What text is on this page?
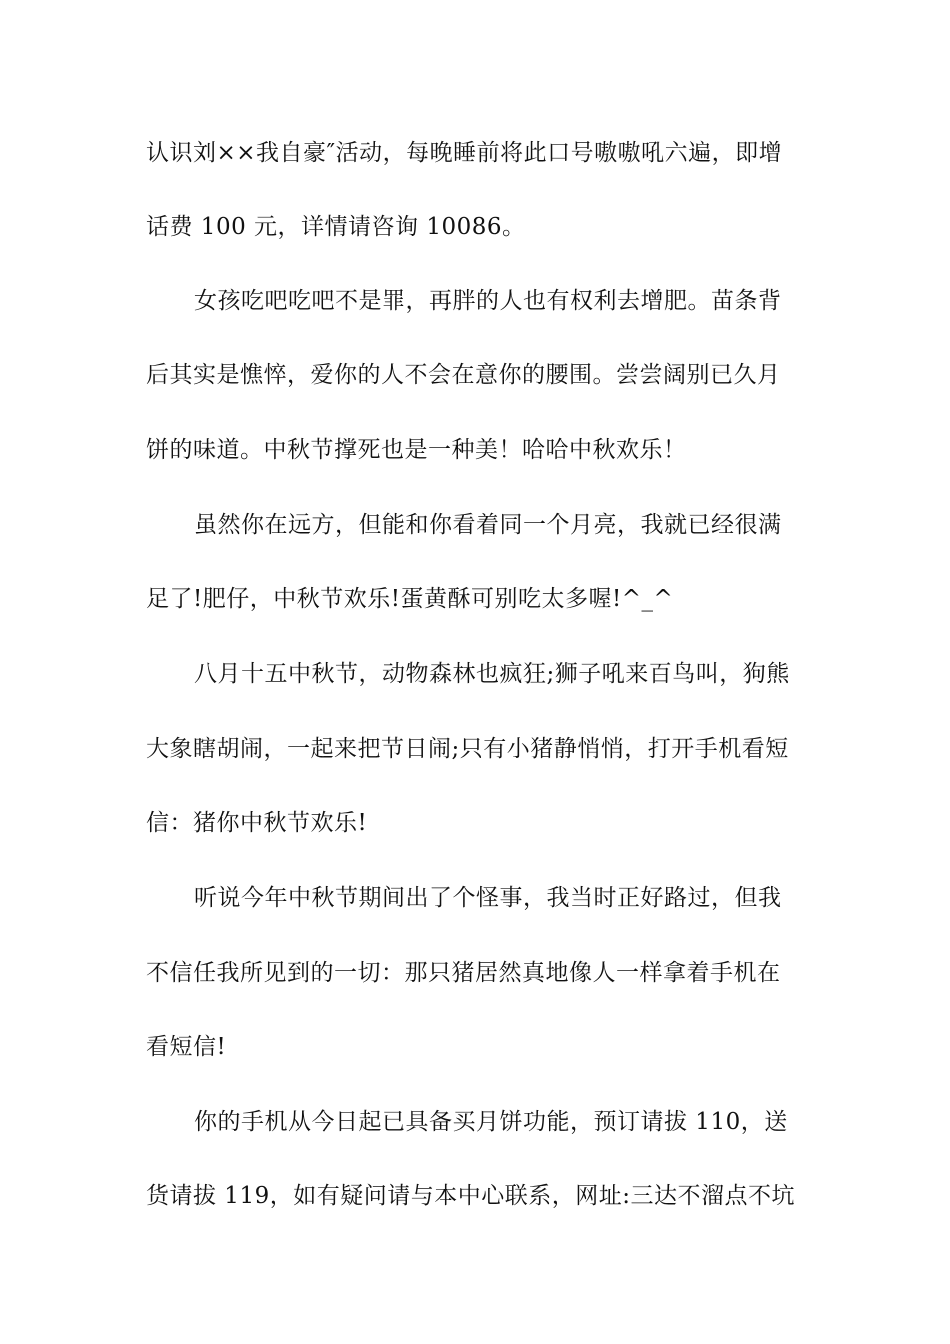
认识刘××我自豪″活动，每晚睡前将此口号嗷嗷吼六遍，即增
话费 100 元，详情请咨询 10086。
女孩吃吧吃吧不是罪，再胖的人也有权利去增肥。苗条背
后其实是憔悴，爱你的人不会在意你的腰围。尝尝阔别已久月
饼的味道。中秋节撑死也是一种美！哈哈中秋欢乐！
虽然你在远方，但能和你看着同一个月亮，我就已经很满
足了!肥仔，中秋节欢乐!蛋黄酥可别吃太多喔!^_^
八月十五中秋节，动物森林也疯狂;狮子吼来百鸟叫，狗熊
大象瞎胡闹，一起来把节日闹;只有小猪静悄悄，打开手机看短
信：猪你中秋节欢乐!
听说今年中秋节期间出了个怪事，我当时正好路过，但我
不信任我所见到的一切：那只猪居然真地像人一样拿着手机在
看短信!
你的手机从今日起已具备买月饼功能，预订请拔 110，送
货请拔 119，如有疑问请与本中心联系，网址:三达不溜点不坑
